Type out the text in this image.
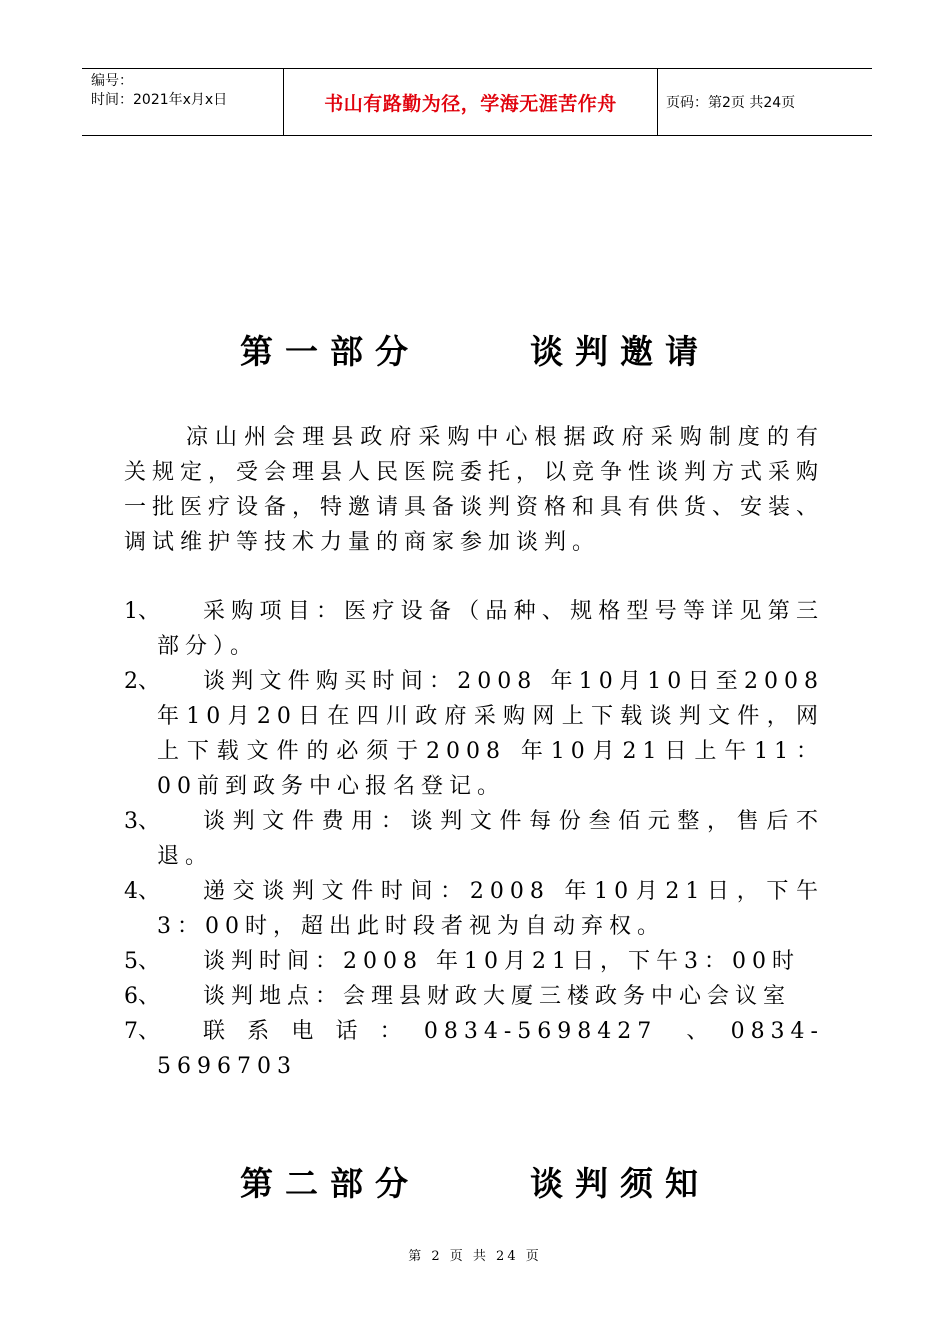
编号：
时间：2021年x月x日	书山有路勤为径，学海无涯苦作舟	页码：第2页 共24页
第一部分	谈判邀请

凉山州会理县政府采购中心根据政府采购制度的有关规定，受会理县人民医院委托，以竞争性谈判方式采购一批医疗设备，特邀请具备谈判资格和具有供货、安装、调试维护等技术力量的商家参加谈判。

1、	采购项目：医疗设备（品种、规格型号等详见第三部分）。
2、	谈判文件购买时间：2008 年10月10日至2008 年10月20日在四川政府采购网上下载谈判文件，网上下载文件的必须于2008 年10月21日上午11：00前到政务中心报名登记。
3、	谈判文件费用：谈判文件每份叁佰元整，售后不退。
4、	递交谈判文件时间：2008 年10月21日，下午3：00时，超出此时段者视为自动弃权。
5、	谈判时间：2008 年10月21日，下午3：00时
6、	谈判地点：会理县财政大厦三楼政务中心会议室
7、	联系电话：0834-5698427 、0834-5696703
第二部分	谈判须知
第 2 页 共 24 页
